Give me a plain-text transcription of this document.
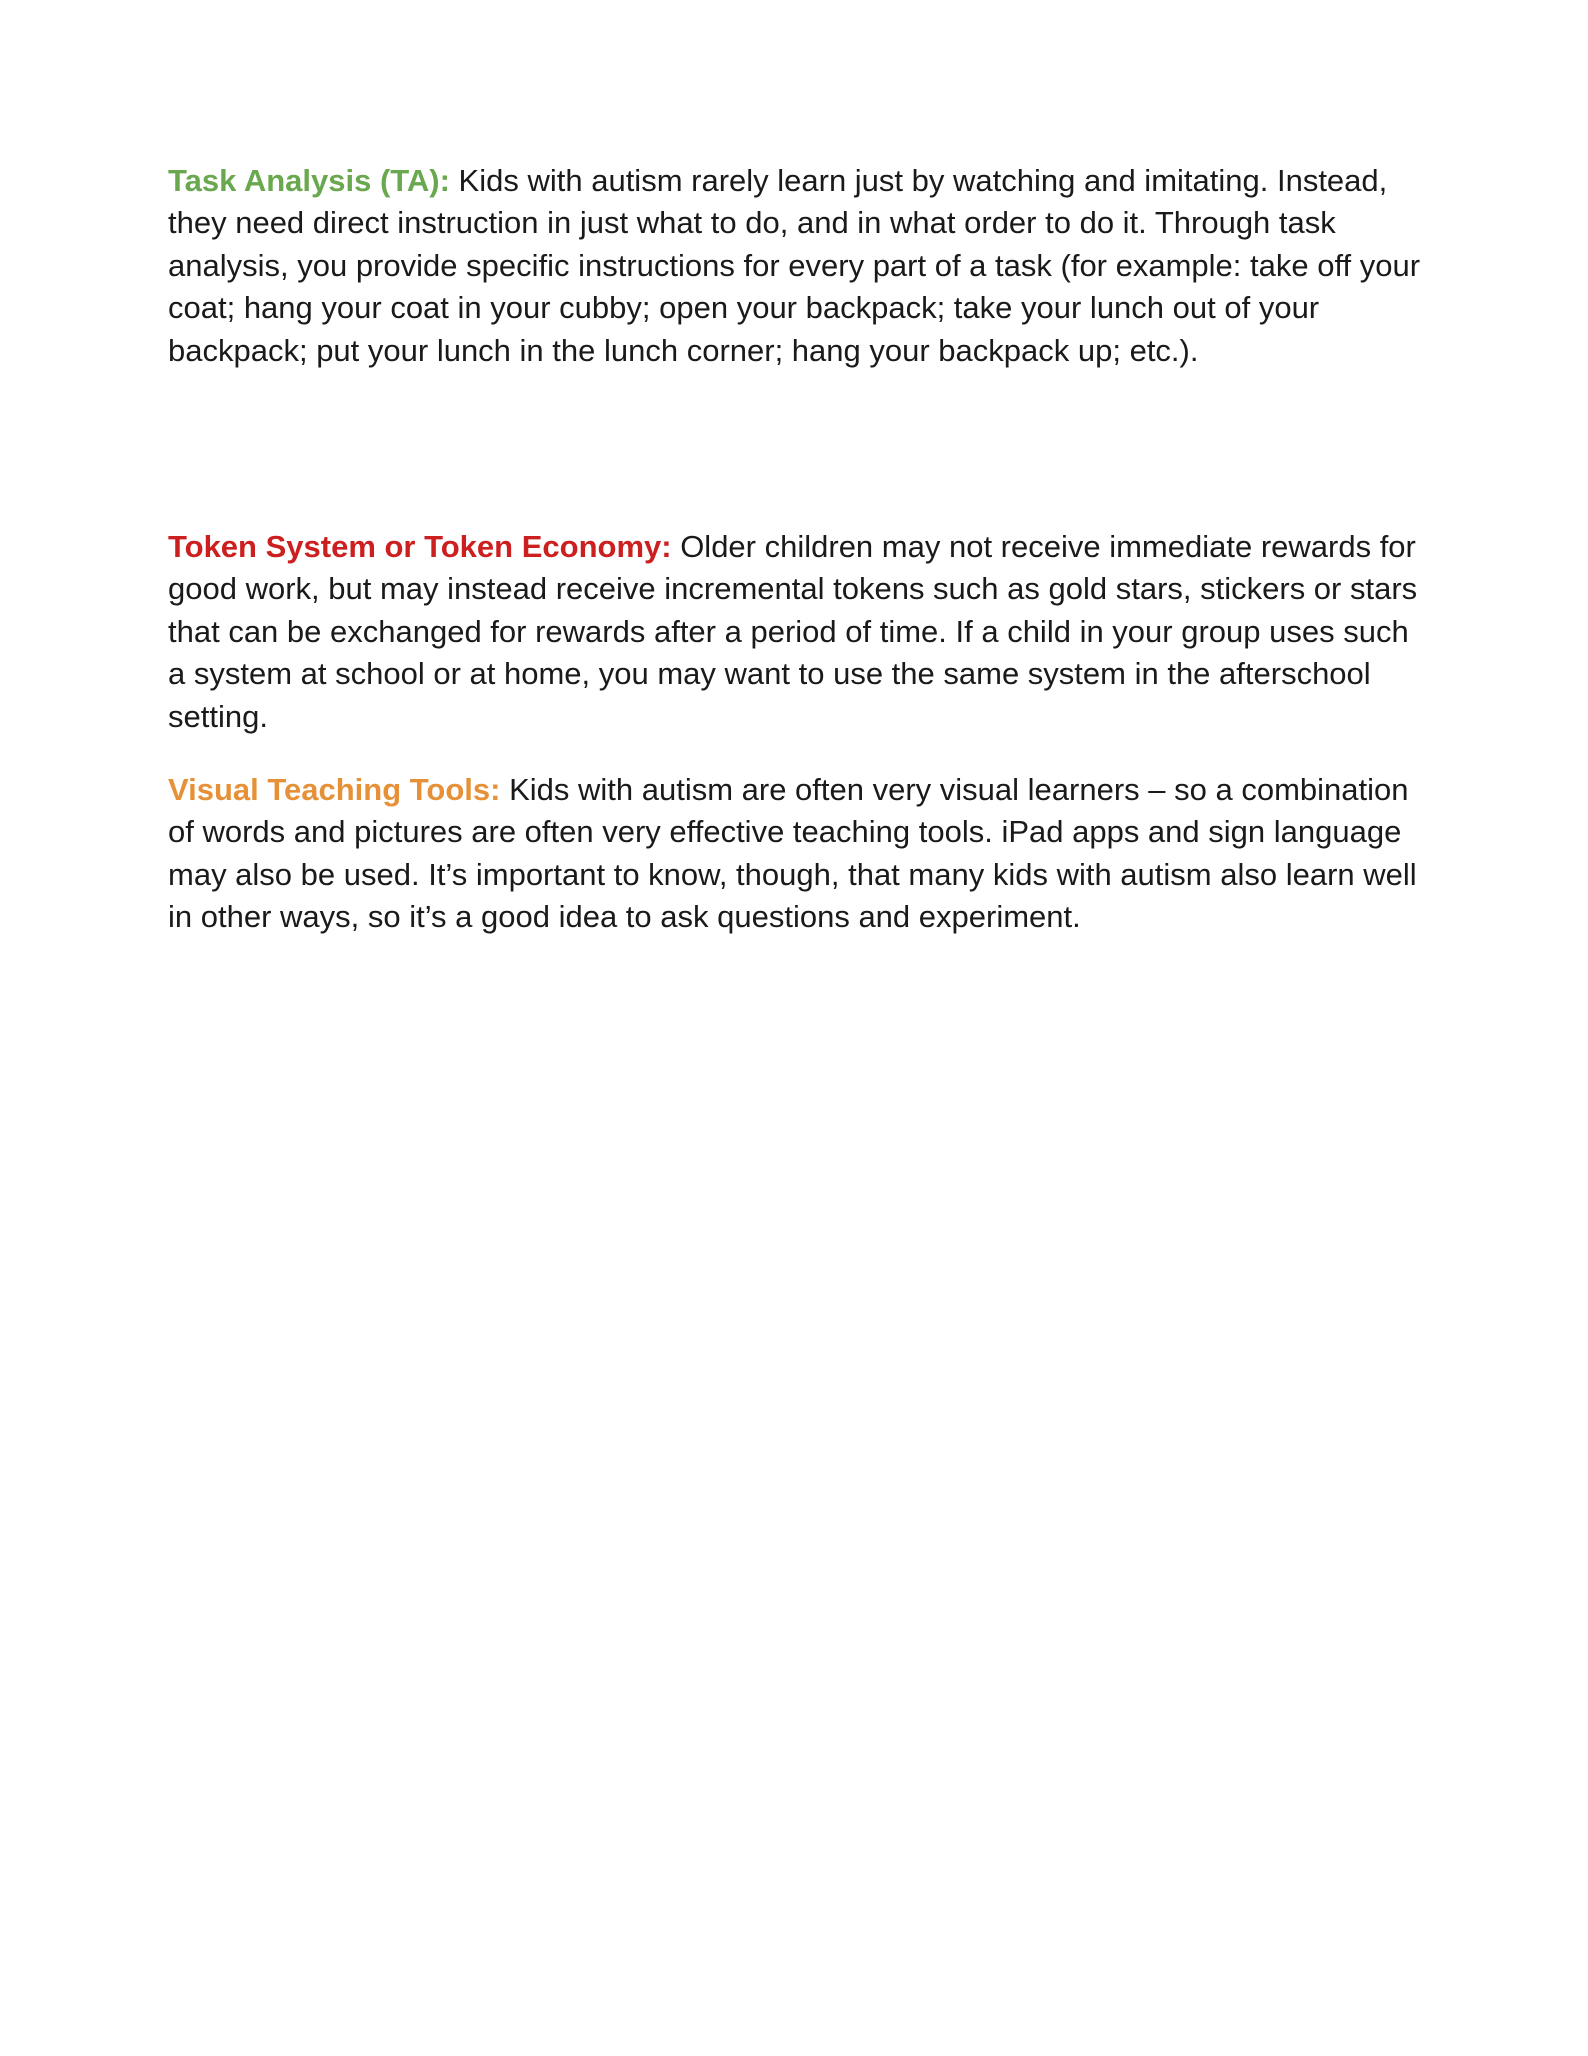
Task Analysis (TA): Kids with autism rarely learn just by watching and imitating. Instead, they need direct instruction in just what to do, and in what order to do it. Through task analysis, you provide specific instructions for every part of a task (for example: take off your coat; hang your coat in your cubby; open your backpack; take your lunch out of your backpack; put your lunch in the lunch corner; hang your backpack up; etc.).

Token System or Token Economy: Older children may not receive immediate rewards for good work, but may instead receive incremental tokens such as gold stars, stickers or stars that can be exchanged for rewards after a period of time. If a child in your group uses such a system at school or at home, you may want to use the same system in the afterschool setting.

Visual Teaching Tools: Kids with autism are often very visual learners – so a combination of words and pictures are often very effective teaching tools. iPad apps and sign language may also be used. It’s important to know, though, that many kids with autism also learn well in other ways, so it’s a good idea to ask questions and experiment.
